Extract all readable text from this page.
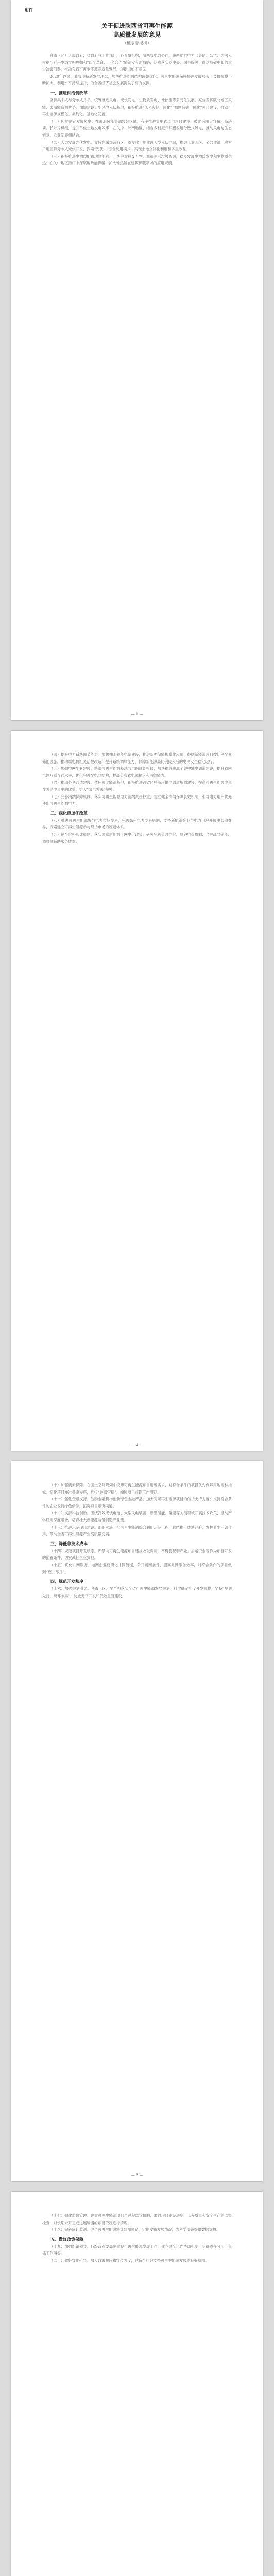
附件
关于促进陕西省可再生能源
高质量发展的意见
（征求意见稿）

各市（区）人民政府，省政府各工作部门、各直属机构，陕西省电力公司、陕西地方电力（集团）公司：为深入贯彻习近平生态文明思想和“四个革命、一个合作”能源安全新战略，认真落实党中央、国务院关于碳达峰碳中和的重大决策部署，推动我省可再生能源高质量发展，现提出如下意见。

2020年以来，我省坚持新发展理念，加快推进能源结构调整优化，可再生能源保持快速发展势头，装机规模不断扩大，利用水平持续提升，为全省经济社会发展提供了有力支撑。

一、推进供给侧改革

坚持集中式与分布式并举，统筹推进风电、光伏发电、生物质发电、地热能等多元化发展。充分发挥陕北地区风能、太阳能资源优势，加快建设大型风电光伏基地，积极推进“风光火储一体化”“源网荷储一体化”项目建设，推动可再生能源规模化、集约化、基地化发展。

（一）因地制宜发展风电。在陕北风能资源较好区域，有序推进集中式风电项目建设，鼓励采用大容量、高塔筒、长叶片机组，提升单位土地发电效率；在关中、陕南地区，结合乡村振兴积极发展分散式风电，推动风电与生态修复、农业发展相结合。

（二）大力发展光伏发电。支持在采煤沉陷区、荒漠化土地建设大型光伏电站，推进工业园区、公共建筑、农村户用屋顶分布式光伏开发，探索“光伏+”综合利用模式，实现土地立体化利用和多重效益。

（三）积极推进生物质能和地热能利用。统筹农林废弃物、城镇生活垃圾资源，稳步发展生物质发电和生物质供热；在关中地区推广中深层地热能供暖，扩大地热能在建筑供暖领域的应用规模。

— 1 —

（四）提升电力系统调节能力。加快抽水蓄能电站建设，推进新型储能规模化应用，鼓励新能源项目按比例配置储能设施。推动煤电机组灵活性改造，提升系统调峰能力，保障新能源高比例接入后的电网安全稳定运行。

（五）加强电网配套建设。统筹可再生能源基地与电网规划衔接，加快推进陕北至关中输电通道建设，提升省内电网互联互通水平，优化完善配电网结构，提高分布式电源接入和消纳能力。

（六）推动外送通道建设。依托陕北能源基地，积极推进跨省区特高压输电通道规划建设，提高可再生能源电量在外送电量中的比重，扩大“陕电外送”规模。

（七）完善消纳保障机制。落实可再生能源电力消纳责任权重，建立健全消纳保障长效机制，引导电力用户优先使用可再生能源电力。

二、深化市场化改革

（八）推进可再生能源参与电力市场交易，完善绿色电力交易机制，支持新能源企业与电力用户开展中长期交易，探索建立可再生能源参与现货市场的规则体系。

（九）健全价格形成机制。落实国家新能源上网电价政策，研究完善分时电价、峰谷电价机制，合理疏导储能、调峰等辅助服务成本。

— 2 —

（十）加强要素保障。在国土空间规划中统筹可再生能源项目用地需求，对符合条件的项目优先保障用地用林指标；简化项目核准备案程序，推行“并联审批”，缩短项目前期工作周期。

（十一）强化金融支持。鼓励金融机构创新绿色金融产品，加大对可再生能源项目的信贷支持力度；支持符合条件的企业发行绿色债券，拓宽项目融资渠道。

（十二）支持科技创新。围绕高效光伏电池、大型风电装备、新型储能、氢能等关键领域开展技术攻关，推动产学研用深度融合，培育壮大新能源装备制造产业链。

（十三）推进示范项目建设。组织实施一批可再生能源综合利用示范工程，总结推广成熟经验，发挥典型引领作用，带动全省可再生能源产业高质量发展。

三、降低非技术成本

（十四）规范项目开发秩序。严禁向可再生能源项目违规收取费用，不得将配套产业、捐赠资金等作为项目开发的前置条件，切实减轻企业负担。

（十五）优化并网服务。电网企业要简化并网流程，公开接网条件，提高并网服务效率，对符合条件的项目做到“应并尽并”。

四、规范开发秩序

（十六）加强规划引导。各市（区）要严格落实全省可再生能源发展规划，科学确定年度开发规模，坚持“规划先行、统筹布局”，防止无序开发和低效重复建设。

— 3 —

（十七）强化监督管理。建立可再生能源项目全过程监管机制，加强项目建设进度、工程质量和安全生产的监督检查，对长期未开工或进展缓慢的项目依规进行清理。

（十八）完善统计监测。健全可再生能源统计监测体系，定期发布发展情况，为科学决策提供数据支撑。

五、做好政策保障

（十九）加强组织领导。各级政府要高度重视可再生能源发展工作，建立健全工作协调机制，明确责任分工，狠抓工作落实。

（二十）做好宣传引导。加大政策解读和宣传力度，营造全社会支持可再生能源发展的良好氛围。
